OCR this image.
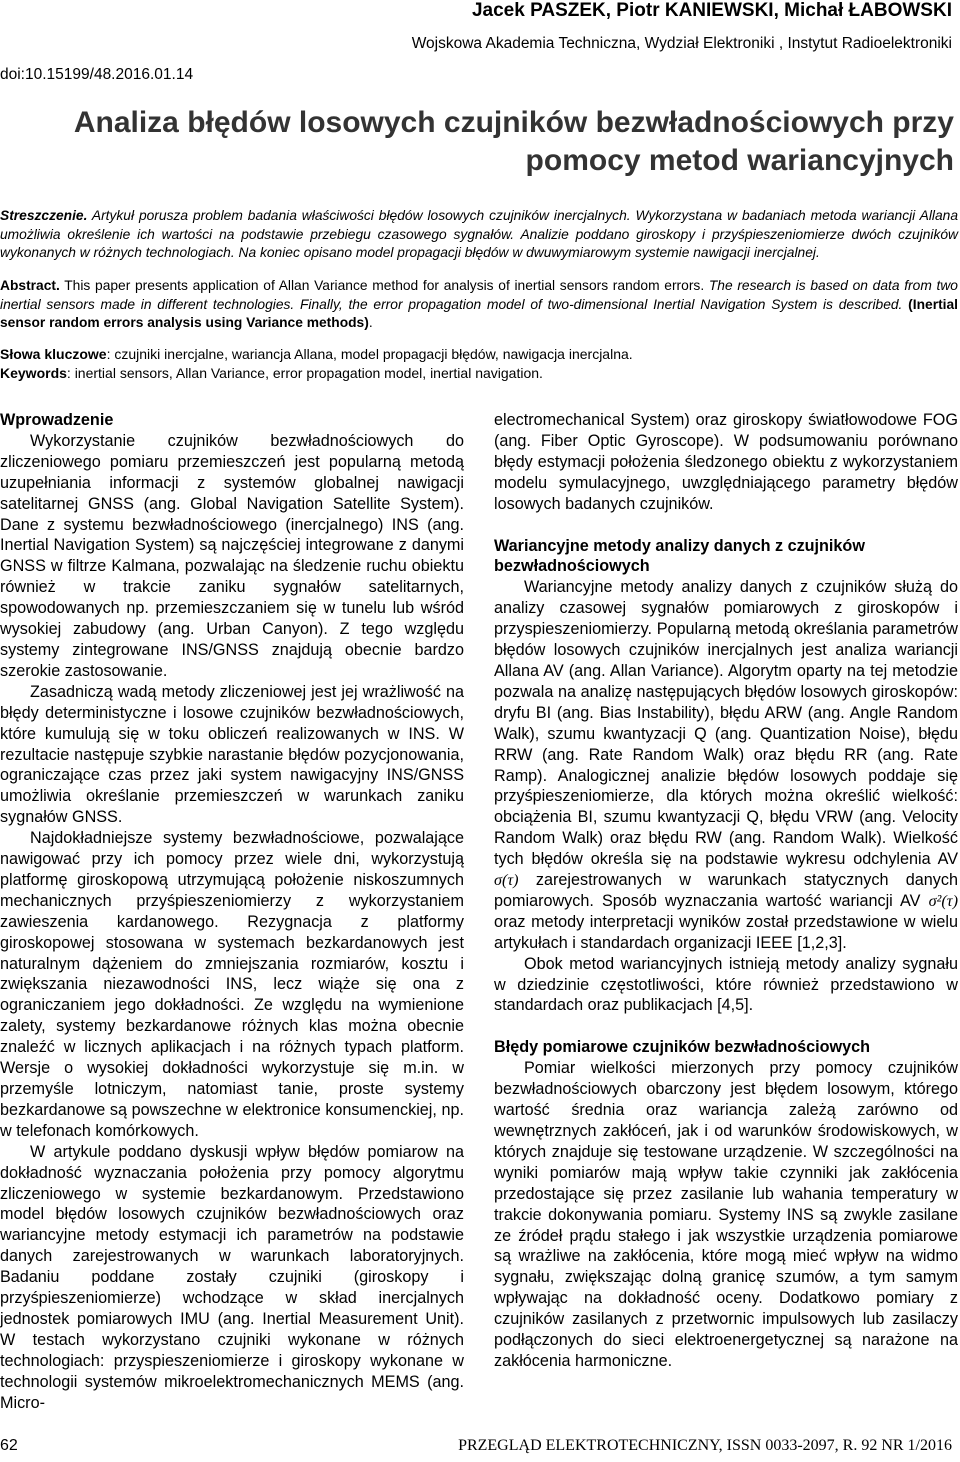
Jacek PASZEK, Piotr KANIEWSKI, Michał ŁABOWSKI
Wojskowa Akademia Techniczna, Wydział Elektroniki , Instytut Radioelektroniki
doi:10.15199/48.2016.01.14
Analiza błędów losowych czujników bezwładnościowych przy
pomocy metod wariancyjnych
Streszczenie. Artykuł porusza problem badania właściwości błędów losowych czujników inercjalnych. Wykorzystana w badaniach metoda wariancji Allana umożliwia określenie ich wartości na podstawie przebiegu czasowego sygnałów. Analizie poddano giroskopy i przyśpieszeniomierze dwóch czujników wykonanych w różnych technologiach. Na koniec opisano model propagacji błędów w dwuwymiarowym systemie nawigacji inercjalnej.
Abstract. This paper presents application of Allan Variance method for analysis of inertial sensors random errors. The research is based on data from two inertial sensors made in different technologies. Finally, the error propagation model of two-dimensional Inertial Navigation System is described. (Inertial sensor random errors analysis using Variance methods).
Słowa kluczowe: czujniki inercjalne, wariancja Allana, model propagacji błędów, nawigacja inercjalna.
Keywords: inertial sensors, Allan Variance, error propagation model, inertial navigation.

Wprowadzenie

Wykorzystanie czujników bezwładnościowych do zliczeniowego pomiaru przemieszczeń jest popularną metodą uzupełniania informacji z systemów globalnej nawigacji satelitarnej GNSS (ang. Global Navigation Satellite System). Dane z systemu bezwładnościowego (inercjalnego) INS (ang. Inertial Navigation System) są najczęściej integrowane z danymi GNSS w filtrze Kalmana, pozwalając na śledzenie ruchu obiektu również w trakcie zaniku sygnałów satelitarnych, spowodowanych np. przemieszczaniem się w tunelu lub wśród wysokiej zabudowy (ang. Urban Canyon). Z tego względu systemy zintegrowane INS/GNSS znajdują obecnie bardzo szerokie zastosowanie.

Zasadniczą wadą metody zliczeniowej jest jej wrażliwość na błędy deterministyczne i losowe czujników bezwładnościowych, które kumulują się w toku obliczeń realizowanych w INS. W rezultacie następuje szybkie narastanie błędów pozycjonowania, ograniczające czas przez jaki system nawigacyjny INS/GNSS umożliwia określanie przemieszczeń w warunkach zaniku sygnałów GNSS.

Najdokładniejsze systemy bezwładnościowe, pozwalające nawigować przy ich pomocy przez wiele dni, wykorzystują platformę giroskopową utrzymującą położenie niskoszumnych mechanicznych przyśpieszeniomierzy z wykorzystaniem zawieszenia kardanowego. Rezygnacja z platformy giroskopowej stosowana w systemach bezkardanowych jest naturalnym dążeniem do zmniejszania rozmiarów, kosztu i zwiększania niezawodności INS, lecz wiąże się ona z ograniczaniem jego dokładności. Ze względu na wymienione zalety, systemy bezkardanowe różnych klas można obecnie znaleźć w licznych aplikacjach i na różnych typach platform. Wersje o wysokiej dokładności wykorzystuje się m.in. w przemyśle lotniczym, natomiast tanie, proste systemy bezkardanowe są powszechne w elektronice konsumenckiej, np. w telefonach komórkowych.

W artykule poddano dyskusji wpływ błędów pomiarow na dokładność wyznaczania położenia przy pomocy algorytmu zliczeniowego w systemie bezkardanowym. Przedstawiono model błędów losowych czujników bezwładnościowych oraz wariancyjne metody estymacji ich parametrów na podstawie danych zarejestrowanych w warunkach laboratoryjnych. Badaniu poddane zostały czujniki (giroskopy i przyśpieszeniomierze) wchodzące w skład inercjalnych jednostek pomiarowych IMU (ang. Inertial Measurement Unit). W testach wykorzystano czujniki wykonane w różnych technologiach: przyspieszeniomierze i giroskopy wykonane w technologii systemów mikroelektromechanicznych MEMS (ang. Micro-

electromechanical System) oraz giroskopy światłowodowe FOG (ang. Fiber Optic Gyroscope). W podsumowaniu porównano błędy estymacji położenia śledzonego obiektu z wykorzystaniem modelu symulacyjnego, uwzględniającego parametry błędów losowych badanych czujników.

Wariancyjne metody analizy danych z czujników bezwładnościowych

Wariancyjne metody analizy danych z czujników służą do analizy czasowej sygnałów pomiarowych z giroskopów i przyspieszeniomierzy. Popularną metodą określania parametrów błędów losowych czujników inercjalnych jest analiza wariancji Allana AV (ang. Allan Variance). Algorytm oparty na tej metodzie pozwala na analizę następujących błędów losowych giroskopów: dryfu BI (ang. Bias Instability), błędu ARW (ang. Angle Random Walk), szumu kwantyzacji Q (ang. Quantization Noise), błędu RRW (ang. Rate Random Walk) oraz błędu RR (ang. Rate Ramp). Analogicznej analizie błędów losowych poddaje się przyśpieszeniomierze, dla których można określić wielkość: obciążenia BI, szumu kwantyzacji Q, błędu VRW (ang. Velocity Random Walk) oraz błędu RW (ang. Random Walk). Wielkość tych błędów określa się na podstawie wykresu odchylenia AV σ(τ) zarejestrowanych w warunkach statycznych danych pomiarowych. Sposób wyznaczania wartość wariancji AV σ²(τ) oraz metody interpretacji wyników został przedstawione w wielu artykułach i standardach organizacji IEEE [1,2,3].

Obok metod wariancyjnych istnieją metody analizy sygnału w dziedzinie częstotliwości, które również przedstawiono w standardach oraz publikacjach [4,5].

Błędy pomiarowe czujników bezwładnościowych

Pomiar wielkości mierzonych przy pomocy czujników bezwładnościowych obarczony jest błędem losowym, którego wartość średnia oraz wariancja zależą zarówno od wewnętrznych zakłóceń, jak i od warunków środowiskowych, w których znajduje się testowane urządzenie. W szczególności na wyniki pomiarów mają wpływ takie czynniki jak zakłócenia przedostające się przez zasilanie lub wahania temperatury w trakcie dokonywania pomiaru. Systemy INS są zwykle zasilane ze źródeł prądu stałego i jak wszystkie urządzenia pomiarowe są wrażliwe na zakłócenia, które mogą mieć wpływ na widmo sygnału, zwiększając dolną granicę szumów, a tym samym wpływając na dokładność oceny. Dodatkowo pomiary z czujników zasilanych z przetwornic impulsowych lub zasilaczy podłączonych do sieci elektroenergetycznej są narażone na zakłócenia harmoniczne.

62	PRZEGLĄD ELEKTROTECHNICZNY, ISSN 0033-2097, R. 92 NR 1/2016
